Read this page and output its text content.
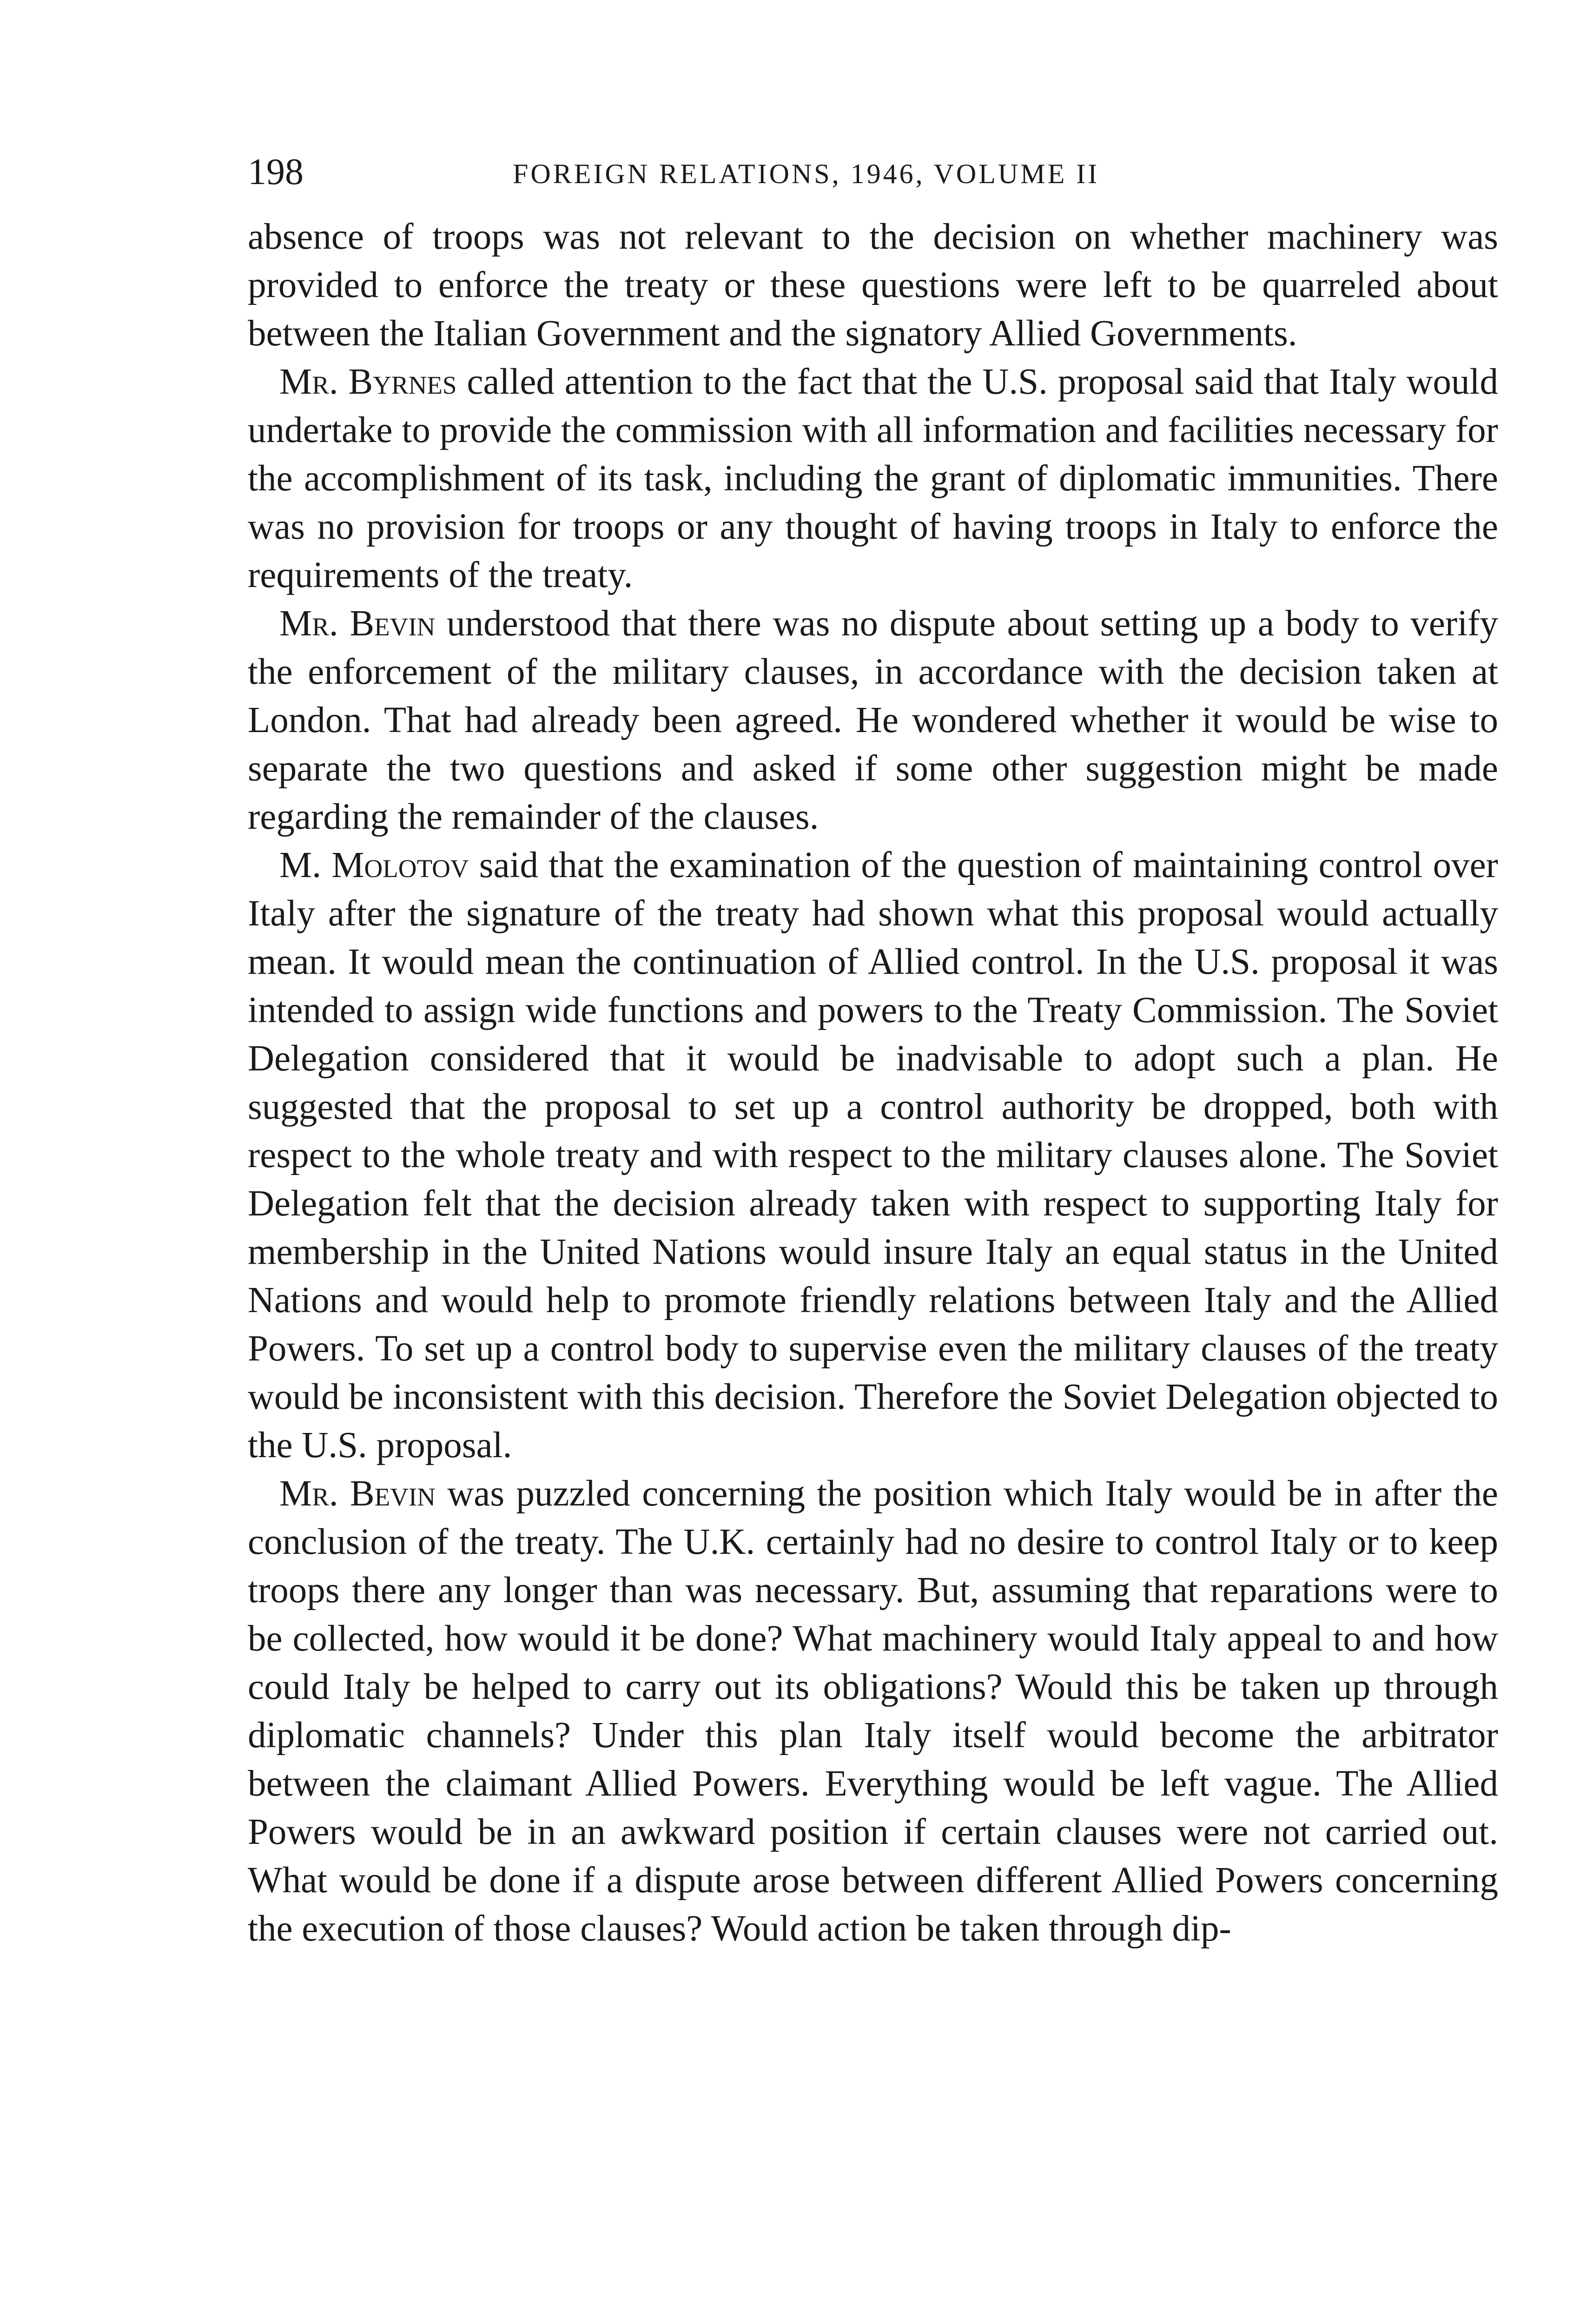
198	FOREIGN RELATIONS, 1946, VOLUME II

absence of troops was not relevant to the decision on whether machinery was provided to enforce the treaty or these questions were left to be quarreled about between the Italian Government and the signatory Allied Governments.

Mr. Byrnes called attention to the fact that the U.S. proposal said that Italy would undertake to provide the commission with all information and facilities necessary for the accomplishment of its task, including the grant of diplomatic immunities. There was no provision for troops or any thought of having troops in Italy to enforce the requirements of the treaty.

Mr. Bevin understood that there was no dispute about setting up a body to verify the enforcement of the military clauses, in accordance with the decision taken at London. That had already been agreed. He wondered whether it would be wise to separate the two questions and asked if some other suggestion might be made regarding the remainder of the clauses.

M. Molotov said that the examination of the question of maintaining control over Italy after the signature of the treaty had shown what this proposal would actually mean. It would mean the continuation of Allied control. In the U.S. proposal it was intended to assign wide functions and powers to the Treaty Commission. The Soviet Delegation considered that it would be inadvisable to adopt such a plan. He suggested that the proposal to set up a control authority be dropped, both with respect to the whole treaty and with respect to the military clauses alone. The Soviet Delegation felt that the decision already taken with respect to supporting Italy for membership in the United Nations would insure Italy an equal status in the United Nations and would help to promote friendly relations between Italy and the Allied Powers. To set up a control body to supervise even the military clauses of the treaty would be inconsistent with this decision. Therefore the Soviet Delegation objected to the U.S. proposal.

Mr. Bevin was puzzled concerning the position which Italy would be in after the conclusion of the treaty. The U.K. certainly had no desire to control Italy or to keep troops there any longer than was necessary. But, assuming that reparations were to be collected, how would it be done? What machinery would Italy appeal to and how could Italy be helped to carry out its obligations? Would this be taken up through diplomatic channels? Under this plan Italy itself would become the arbitrator between the claimant Allied Powers. Everything would be left vague. The Allied Powers would be in an awkward position if certain clauses were not carried out. What would be done if a dispute arose between different Allied Powers concerning the execution of those clauses? Would action be taken through dip-
